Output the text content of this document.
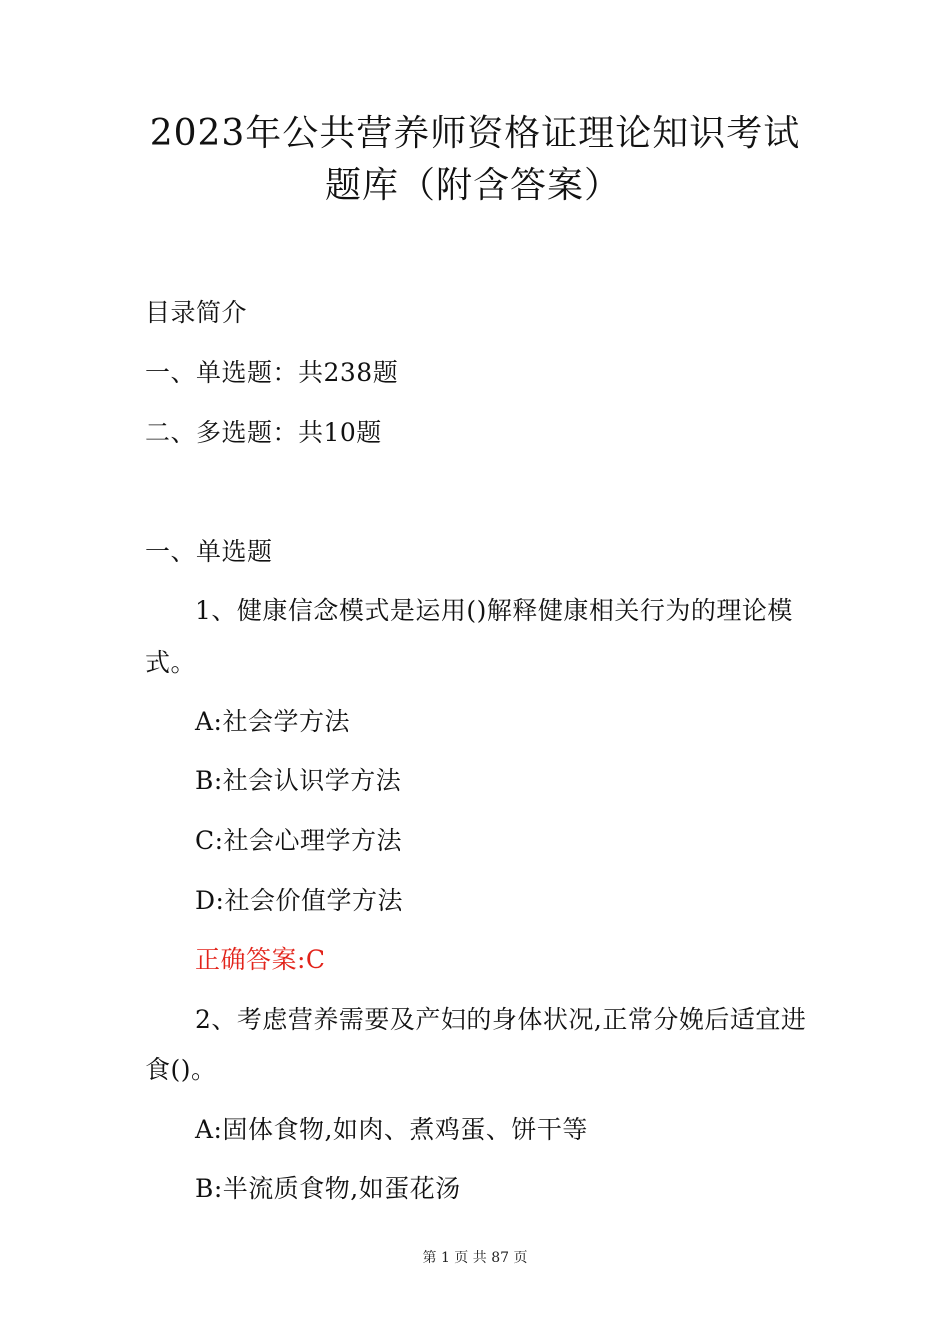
2023年公共营养师资格证理论知识考试
题库（附含答案）
目录简介
一、单选题：共238题
二、多选题：共10题
一、单选题
1、健康信念模式是运用()解释健康相关行为的理论模
式。
A:社会学方法
B:社会认识学方法
C:社会心理学方法
D:社会价值学方法
正确答案:C
2、考虑营养需要及产妇的身体状况,正常分娩后适宜进
食()。
A:固体食物,如肉、煮鸡蛋、饼干等
B:半流质食物,如蛋花汤
第 1 页 共 87 页
